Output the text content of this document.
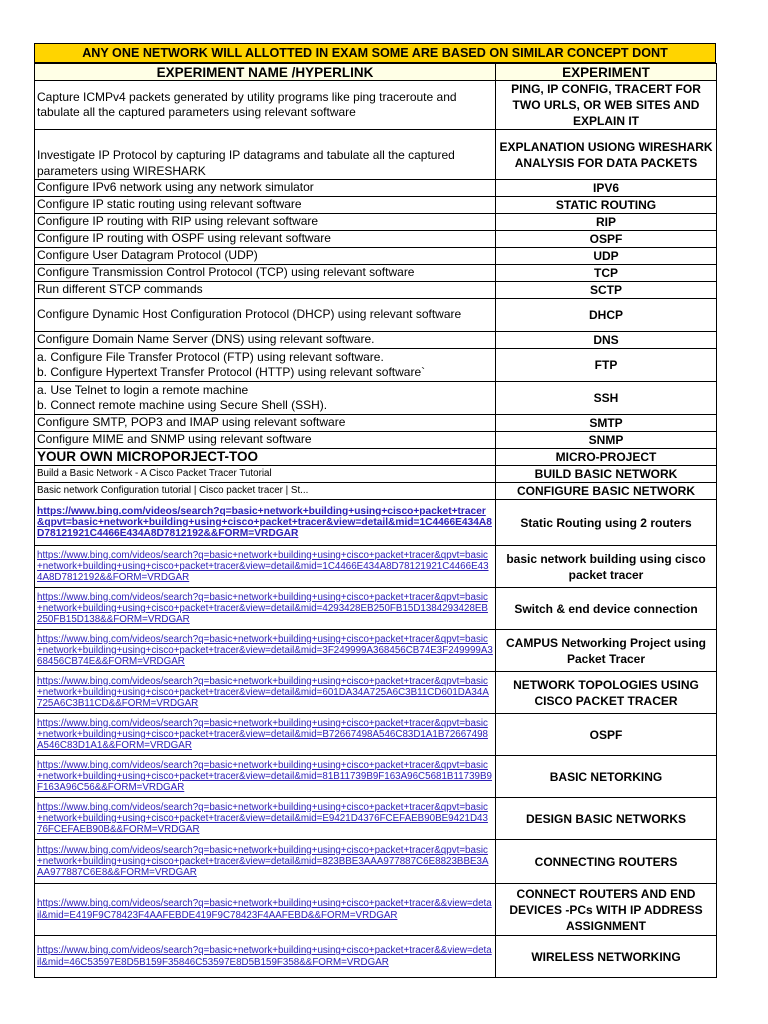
ANY ONE NETWORK WILL ALLOTTED IN EXAM SOME ARE BASED ON SIMILAR CONCEPT DONT
EXPERIMENT NAME /HYPERLINK	EXPERIMENT
Capture ICMPv4 packets generated by utility programs like ping traceroute and tabulate all the captured parameters using relevant software	PING, IP CONFIG, TRACERT FOR TWO URLS, OR WEB SITES AND EXPLAIN IT
Investigate IP Protocol by capturing IP datagrams and tabulate all the captured parameters using WIRESHARK	EXPLANATION USIONG WIRESHARK ANALYSIS FOR DATA PACKETS
Configure IPv6 network using any network simulator	IPV6
Configure IP static routing using relevant software	STATIC ROUTING
Configure IP routing with RIP using relevant software	RIP
Configure IP routing with OSPF using relevant software	OSPF
Configure User Datagram Protocol (UDP)	UDP
Configure Transmission Control Protocol (TCP) using relevant software	TCP
Run different STCP commands	SCTP
Configure Dynamic Host Configuration Protocol (DHCP) using relevant software	DHCP
Configure Domain Name Server (DNS) using relevant software.	DNS

a. Configure File Transfer Protocol (FTP) using relevant software.
b. Configure Hypertext Transfer Protocol (HTTP) using relevant software`	FTP

a. Use Telnet to login a remote machine
b. Connect remote machine using Secure Shell (SSH).	SSH
Configure SMTP, POP3 and IMAP using relevant software	SMTP
Configure MIME and SNMP using relevant software	SNMP
YOUR OWN MICROPORJECT-TOO	MICRO-PROJECT
Build a Basic Network - A Cisco Packet Tracer Tutorial	BUILD BASIC NETWORK
Basic network Configuration tutorial | Cisco packet tracer | St...	CONFIGURE BASIC NETWORK
https://www.bing.com/videos/search?q=basic+network+building+using+cisco+packet+tracer&qpvt=basic+network+building+using+cisco+packet+tracer&view=detail&mid=1C4466E434A8D78121921C4466E434A8D7812192&&FORM=VRDGAR	Static Routing using 2 routers
https://www.bing.com/videos/search?q=basic+network+building+using+cisco+packet+tracer&qpvt=basic+network+building+using+cisco+packet+tracer&view=detail&mid=1C4466E434A8D78121921C4466E434A8D7812192&&FORM=VRDGAR	basic network building using cisco packet tracer
https://www.bing.com/videos/search?q=basic+network+building+using+cisco+packet+tracer&qpvt=basic+network+building+using+cisco+packet+tracer&view=detail&mid=4293428EB250FB15D1384293428EB250FB15D138&&FORM=VRDGAR	Switch & end device connection
https://www.bing.com/videos/search?q=basic+network+building+using+cisco+packet+tracer&qpvt=basic+network+building+using+cisco+packet+tracer&view=detail&mid=3F249999A368456CB74E3F249999A368456CB74E&&FORM=VRDGAR	CAMPUS Networking Project using Packet Tracer
https://www.bing.com/videos/search?q=basic+network+building+using+cisco+packet+tracer&qpvt=basic+network+building+using+cisco+packet+tracer&view=detail&mid=601DA34A725A6C3B11CD601DA34A725A6C3B11CD&&FORM=VRDGAR	NETWORK TOPOLOGIES USING CISCO PACKET TRACER
https://www.bing.com/videos/search?q=basic+network+building+using+cisco+packet+tracer&qpvt=basic+network+building+using+cisco+packet+tracer&view=detail&mid=B72667498A546C83D1A1B72667498A546C83D1A1&&FORM=VRDGAR	OSPF
https://www.bing.com/videos/search?q=basic+network+building+using+cisco+packet+tracer&qpvt=basic+network+building+using+cisco+packet+tracer&view=detail&mid=81B11739B9F163A96C5681B11739B9F163A96C56&&FORM=VRDGAR	BASIC NETORKING
https://www.bing.com/videos/search?q=basic+network+building+using+cisco+packet+tracer&qpvt=basic+network+building+using+cisco+packet+tracer&view=detail&mid=E9421D4376FCEFAEB90BE9421D4376FCEFAEB90B&&FORM=VRDGAR	DESIGN BASIC NETWORKS
https://www.bing.com/videos/search?q=basic+network+building+using+cisco+packet+tracer&qpvt=basic+network+building+using+cisco+packet+tracer&view=detail&mid=823BBE3AAA977887C6E8823BBE3AAA977887C6E8&&FORM=VRDGAR	CONNECTING ROUTERS
https://www.bing.com/videos/search?q=basic+network+building+using+cisco+packet+tracer&&view=detail&mid=E419F9C78423F4AAFEBDE419F9C78423F4AAFEBD&&FORM=VRDGAR	CONNECT ROUTERS AND END DEVICES -PCs WITH IP ADDRESS ASSIGNMENT
https://www.bing.com/videos/search?q=basic+network+building+using+cisco+packet+tracer&&view=detail&mid=46C53597E8D5B159F35846C53597E8D5B159F358&&FORM=VRDGAR	WIRELESS NETWORKING
